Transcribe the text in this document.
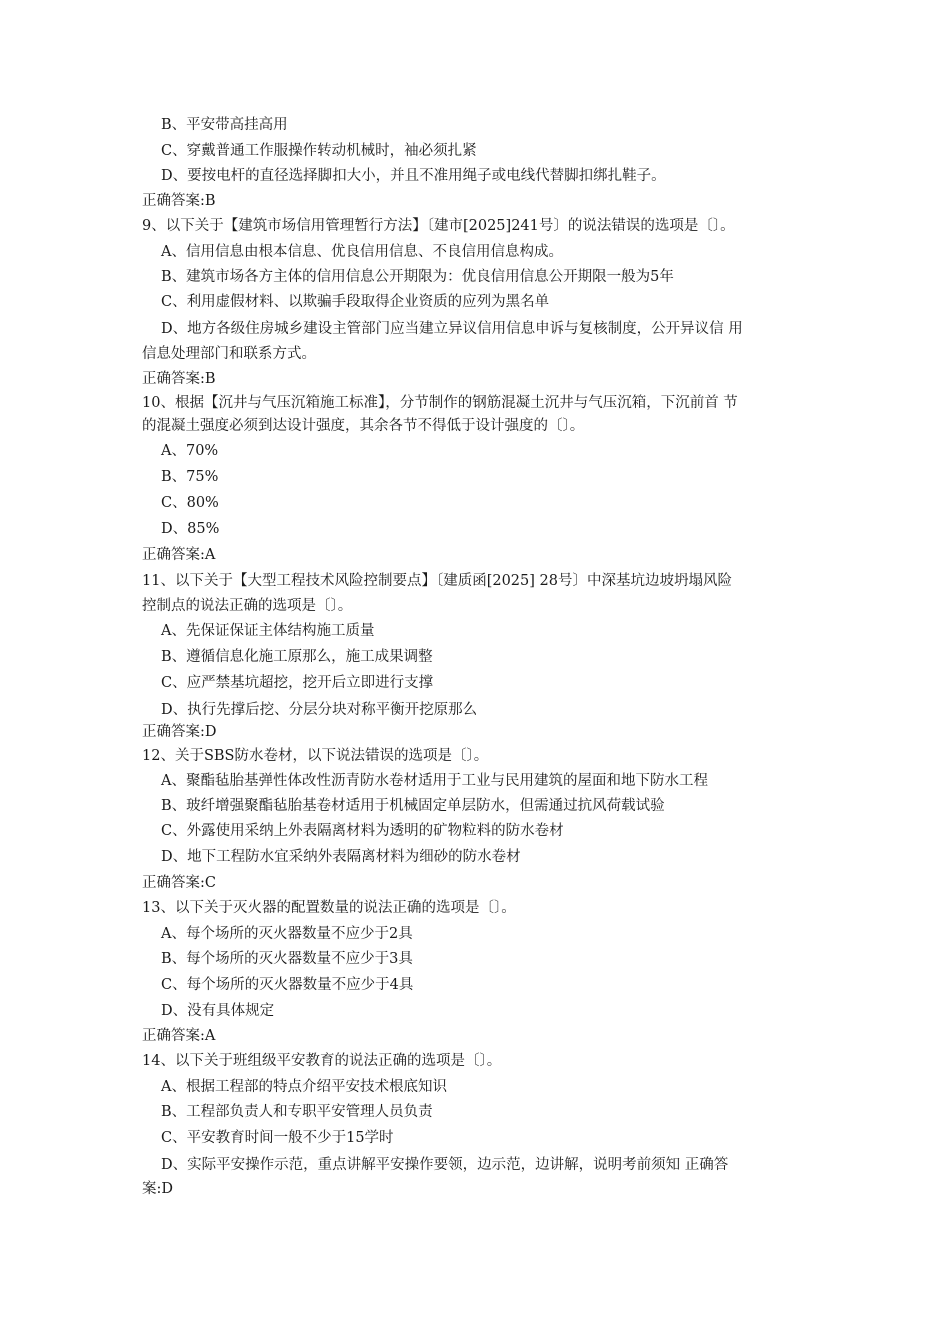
B、平安带高挂高用
C、穿戴普通工作服操作转动机械时，袖必须扎紧
D、要按电杆的直径选择脚扣大小，并且不准用绳子或电线代替脚扣绑扎鞋子。
正确答案:B
9、以下关于【建筑市场信用管理暂行方法】〔建市[2025]241号〕的说法错误的选项是〔〕。
A、信用信息由根本信息、优良信用信息、不良信用信息构成。
B、建筑市场各方主体的信用信息公开期限为：优良信用信息公开期限一般为5年
C、利用虚假材料、以欺骗手段取得企业资质的应列为黑名单
D、地方各级住房城乡建设主管部门应当建立异议信用信息申诉与复核制度，公开异议信 用
信息处理部门和联系方式。
正确答案:B
10、根据【沉井与气压沉箱施工标准】，分节制作的钢筋混凝土沉井与气压沉箱，下沉前首 节
的混凝土强度必须到达设计强度，其余各节不得低于设计强度的〔〕。
A、70%
B、75%
C、80%
D、85%
正确答案:A
11、以下关于【大型工程技术风险控制要点】〔建质函[2025] 28号〕中深基坑边坡坍塌风险
控制点的说法正确的选项是〔〕。
A、先保证保证主体结构施工质量
B、遵循信息化施工原那么，施工成果调整
C、应严禁基坑超挖，挖开后立即进行支撑
D、执行先撑后挖、分层分块对称平衡开挖原那么
正确答案:D
12、关于SBS防水卷材，以下说法错误的选项是〔〕。
A、聚酯毡胎基弹性体改性沥青防水卷材适用于工业与民用建筑的屋面和地下防水工程
B、玻纤增强聚酯毡胎基卷材适用于机械固定单层防水，但需通过抗风荷载试验
C、外露使用采纳上外表隔离材料为透明的矿物粒料的防水卷材
D、地下工程防水宜采纳外表隔离材料为细砂的防水卷材
正确答案:C
13、以下关于灭火器的配置数量的说法正确的选项是〔〕。
A、每个场所的灭火器数量不应少于2具
B、每个场所的灭火器数量不应少于3具
C、每个场所的灭火器数量不应少于4具
D、没有具体规定
正确答案:A
14、以下关于班组级平安教育的说法正确的选项是〔〕。
A、根据工程部的特点介绍平安技术根底知识
B、工程部负责人和专职平安管理人员负责
C、平安教育时间一般不少于15学时
D、实际平安操作示范，重点讲解平安操作要领，边示范，边讲解，说明考前须知 正确答
案:D
